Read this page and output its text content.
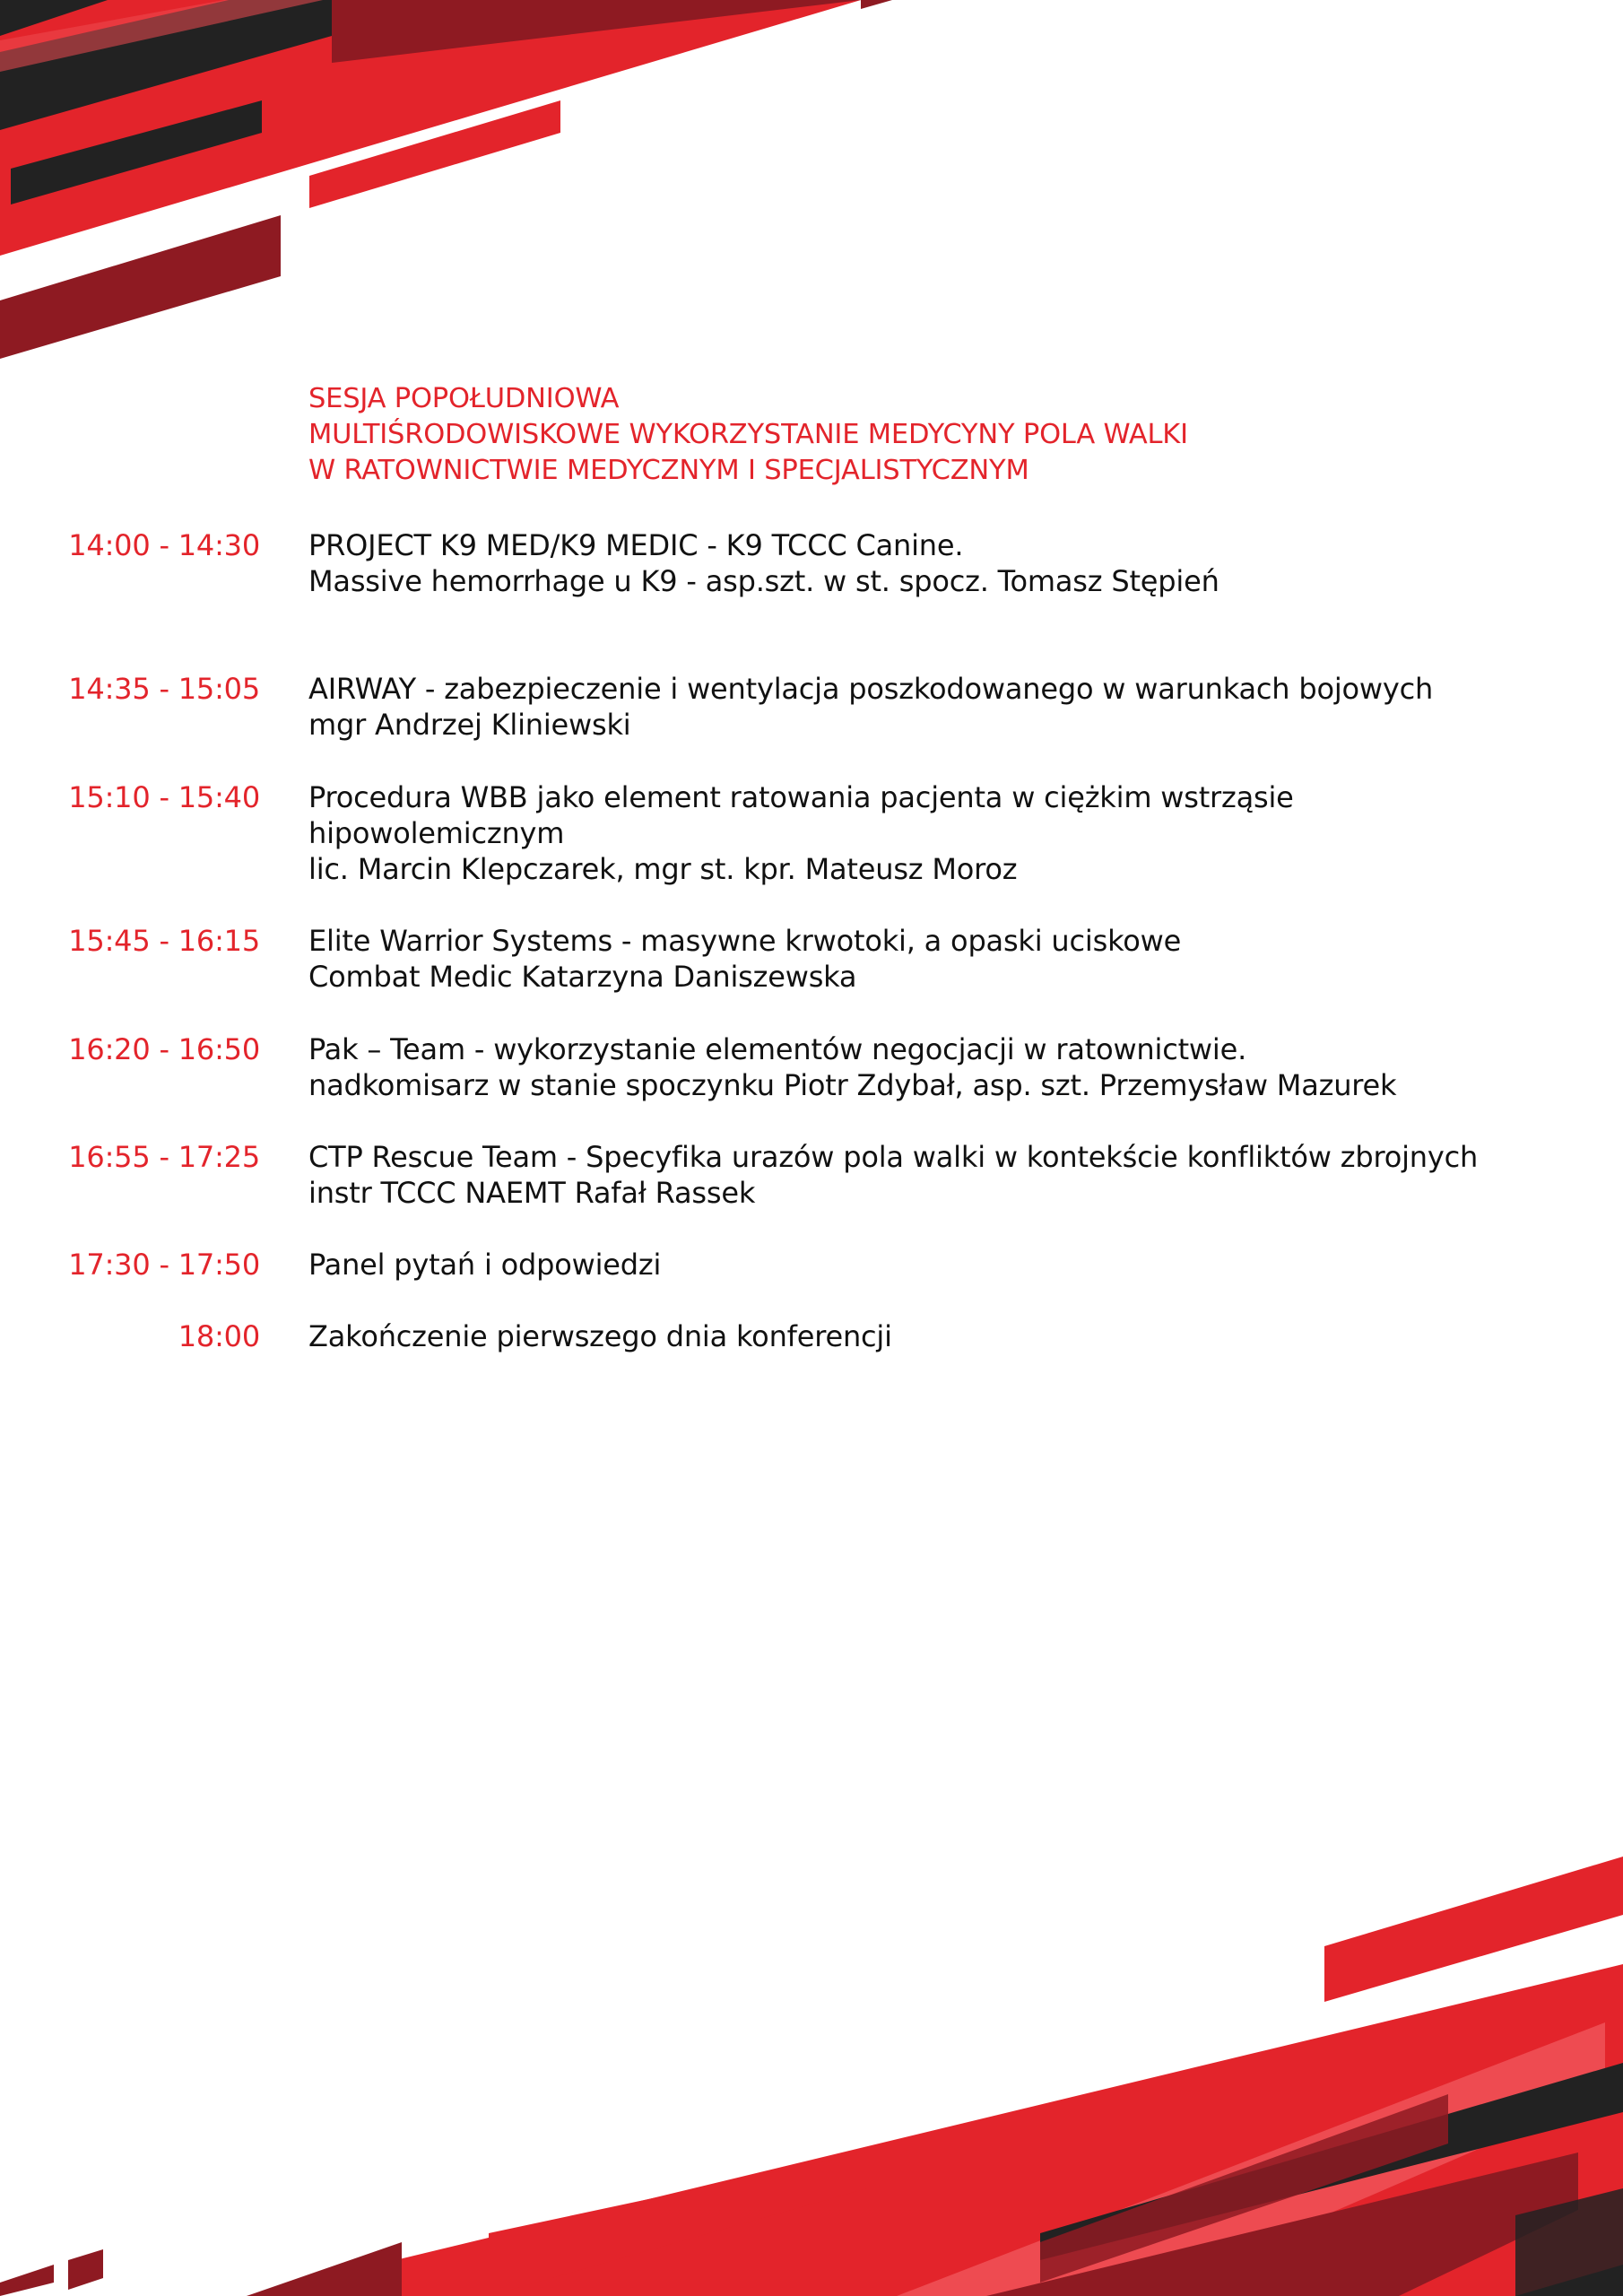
SESJA POPOŁUDNIOWA
MULTIŚRODOWISKOWE WYKORZYSTANIE MEDYCYNY POLA WALKI
W RATOWNICTWIE MEDYCZNYM I SPECJALISTYCZNYM
14:00 - 14:30 PROJECT K9 MED/K9 MEDIC - K9 TCCC Canine.
Massive hemorrhage u K9 - asp.szt. w st. spocz. Tomasz Stępień
14:35 - 15:05 AIRWAY - zabezpieczenie i wentylacja poszkodowanego w warunkach bojowych
mgr Andrzej Kliniewski
15:10 - 15:40 Procedura WBB jako element ratowania pacjenta w ciężkim wstrząsie
hipowolemicznym
lic. Marcin Klepczarek, mgr st. kpr. Mateusz Moroz
15:45 - 16:15 Elite Warrior Systems - masywne krwotoki, a opaski uciskowe
Combat Medic Katarzyna Daniszewska
16:20 - 16:50 Pak – Team - wykorzystanie elementów negocjacji w ratownictwie.
nadkomisarz w stanie spoczynku Piotr Zdybał, asp. szt. Przemysław Mazurek
16:55 - 17:25 CTP Rescue Team - Specyfika urazów pola walki w kontekście konfliktów zbrojnych
instr TCCC NAEMT Rafał Rassek
17:30 - 17:50 Panel pytań i odpowiedzi
18:00 Zakończenie pierwszego dnia konferencji
